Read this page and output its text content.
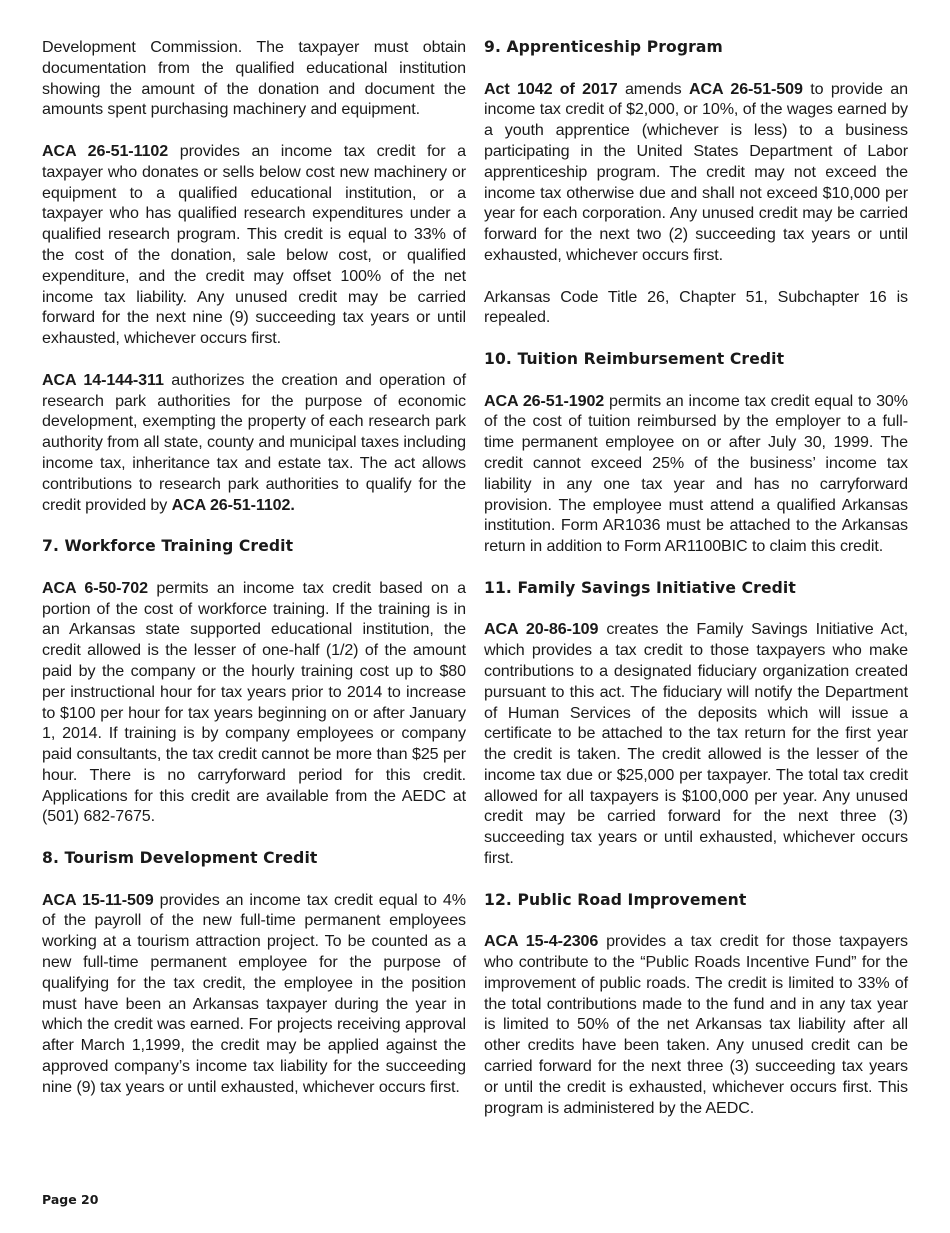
Development Commission. The taxpayer must obtain documentation from the qualified educational institution showing the amount of the donation and document the amounts spent purchasing machinery and equipment.

ACA 26-51-1102 provides an income tax credit for a taxpayer who donates or sells below cost new machinery or equipment to a qualified educational institution, or a taxpayer who has qualified research expenditures under a qualified research program. This credit is equal to 33% of the cost of the donation, sale below cost, or qualified expenditure, and the credit may offset 100% of the net income tax liability. Any unused credit may be carried forward for the next nine (9) succeeding tax years or until exhausted, whichever occurs first.

ACA 14-144-311 authorizes the creation and operation of research park authorities for the purpose of economic development, exempting the property of each research park authority from all state, county and municipal taxes including income tax, inheritance tax and estate tax. The act allows contributions to research park authorities to qualify for the credit provided by ACA 26-51-1102.

7. Workforce Training Credit

ACA 6-50-702 permits an income tax credit based on a portion of the cost of workforce training. If the training is in an Arkansas state supported educational institution, the credit allowed is the lesser of one-half (1/2) of the amount paid by the company or the hourly training cost up to $80 per instructional hour for tax years prior to 2014 to increase to $100 per hour for tax years beginning on or after January 1, 2014. If training is by company employees or company paid consultants, the tax credit cannot be more than $25 per hour. There is no carryforward period for this credit. Applications for this credit are available from the AEDC at (501) 682-7675.

8. Tourism Development Credit

ACA 15-11-509 provides an income tax credit equal to 4% of the payroll of the new full-time permanent employees working at a tourism attraction project. To be counted as a new full-time permanent employee for the purpose of qualifying for the tax credit, the employee in the position must have been an Arkansas taxpayer during the year in which the credit was earned. For projects receiving approval after March 1,1999, the credit may be applied against the approved company’s income tax liability for the succeeding nine (9) tax years or until exhausted, whichever occurs first.

9. Apprenticeship Program

Act 1042 of 2017 amends ACA 26-51-509 to provide an income tax credit of $2,000, or 10%, of the wages earned by a youth apprentice (whichever is less) to a business participating in the United States Department of Labor apprenticeship program. The credit may not exceed the income tax otherwise due and shall not exceed $10,000 per year for each corporation. Any unused credit may be carried forward for the next two (2) succeeding tax years or until exhausted, whichever occurs first.

Arkansas Code Title 26, Chapter 51, Subchapter 16 is repealed.

10. Tuition Reimbursement Credit

ACA 26-51-1902 permits an income tax credit equal to 30% of the cost of tuition reimbursed by the employer to a full-time permanent employee on or after July 30, 1999. The credit cannot exceed 25% of the business’ income tax liability in any one tax year and has no carryforward provision. The employee must attend a qualified Arkansas institution. Form AR1036 must be attached to the Arkansas return in addition to Form AR1100BIC to claim this credit.

11. Family Savings Initiative Credit

ACA 20-86-109 creates the Family Savings Initiative Act, which provides a tax credit to those taxpayers who make contributions to a designated fiduciary organization created pursuant to this act. The fiduciary will notify the Department of Human Services of the deposits which will issue a certificate to be attached to the tax return for the first year the credit is taken. The credit allowed is the lesser of the income tax due or $25,000 per taxpayer. The total tax credit allowed for all taxpayers is $100,000 per year. Any unused credit may be carried forward for the next three (3) succeeding tax years or until exhausted, whichever occurs first.

12. Public Road Improvement

ACA 15-4-2306 provides a tax credit for those taxpayers who contribute to the “Public Roads Incentive Fund” for the improvement of public roads. The credit is limited to 33% of the total contributions made to the fund and in any tax year is limited to 50% of the net Arkansas tax liability after all other credits have been taken. Any unused credit can be carried forward for the next three (3) succeeding tax years or until the credit is exhausted, whichever occurs first. This program is administered by the AEDC.

Page 20
